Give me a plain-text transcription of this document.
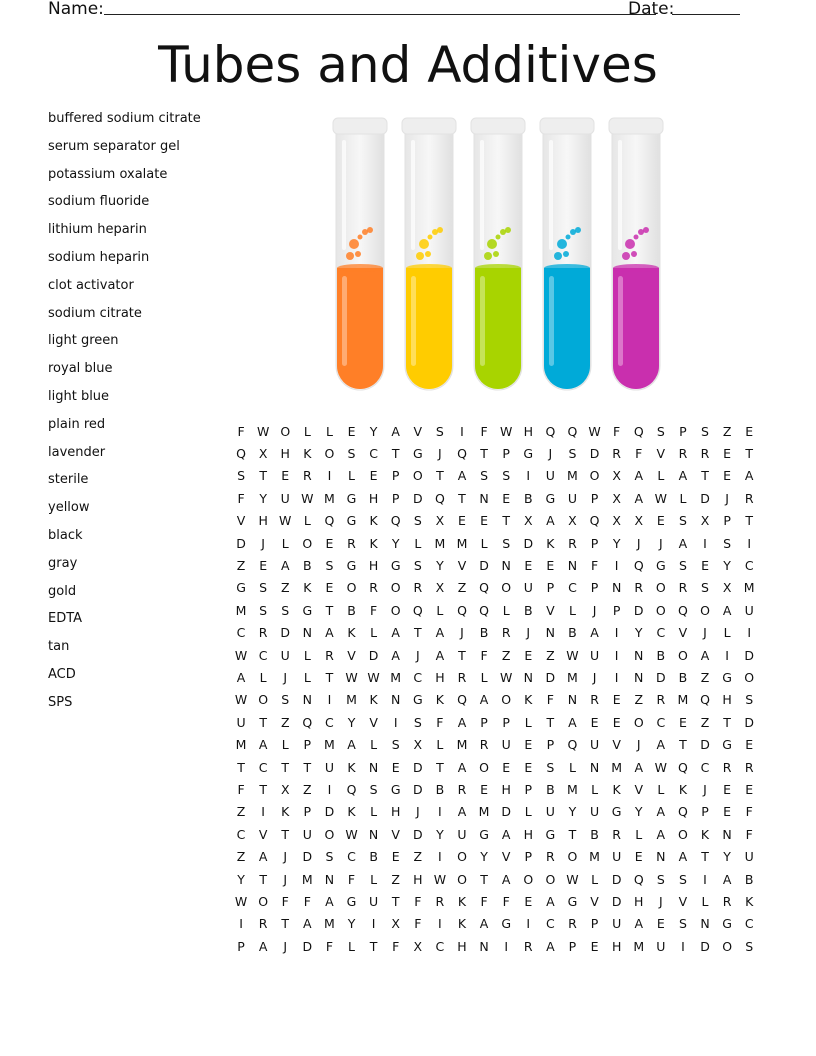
Name:	Date:
Tubes and Additives
buffered sodium citrate
serum separator gel
potassium oxalate
sodium fluoride
lithium heparin
sodium heparin
clot activator
sodium citrate
light green
royal blue
light blue
plain red
lavender
sterile
yellow
black
gray
gold
EDTA
tan
ACD
SPS
F W O	L	L	E	Y	A	V	S	I	F W H Q Q W F	Q	S	P	S	Z	E
Q	X	H	K	O	S	C	T	G	J	Q	T	P	G	J	S	D	R	F	V	R	R	E	T
S	T	E	R	I	L	E	P	O	T	A	S	S	I	U M O	X	A	L	A	T	E	A
F	Y	U W M G	H	P	D Q	T	N	E	B	G	U	P	X	A W L	D	J	R
V	H W L	Q G	K	Q	S	X	E	E	T	X	A	X	Q	X	X	E	S	X	P	T
D	J	L	O	E	R	K	Y	L	M M	L	S	D	K	R	P	Y	J	J	A	I	S	I
Z	E	A	B	S	G	H	G	S	Y	V	D	N	E	E	N	F	I	Q G	S	E	Y	C
G	S	Z	K	E	O	R	O	R	X	Z	Q O	U	P	C	P	N	R	O	R	S	X M
M	S	S	G	T	B	F	O Q	L	Q Q	L	B	V	L	J	P	D O Q O	A	U
C	R	D	N	A	K	L	A	T	A	J	B	R	J	N	B	A	I	Y	C	V	J	L	I
W C	U	L	R	V	D	A	J	A	T	F	Z	E	Z W U	I	N	B	O	A	I	D
A	L	J	L	T W W M C	H	R	L W N	D M	J	I	N	D	B	Z	G O
W O	S	N	I	M	K	N	G	K	Q	A	O	K	F	N	R	E	Z	R M Q H	S
U	T	Z	Q	C	Y	V	I	S	F	A	P	P	L	T	A	E	E	O	C	E	Z	T	D
M A	L	P	M A	L	S	X	L	M R	U	E	P	Q	U	V	J	A	T	D G	E
T	C	T	T	U	K	N	E	D	T	A	O	E	E	S	L	N M A W Q	C	R	R
F	T	X	Z	I	Q	S	G D	B	R	E	H	P	B M	L	K	V	L	K	J	E	E
Z	I	K	P	D	K	L	H	J	I	A M D	L	U	Y	U	G	Y	A	Q	P	E	F
C	V	T	U	O W N	V	D	Y	U	G	A	H	G	T	B	R	L	A	O	K	N	F
Z	A	J	D	S	C	B	E	Z	I	O	Y	V	P	R	O M U	E	N	A	T	Y	U
Y	T	J	M N	F	L	Z	H W O	T	A	O O W L	D Q	S	S	I	A	B
W O	F	F	A	G	U	T	F	R	K	F	F	E	A	G	V	D	H	J	V	L	R	K
I	R	T	A M	Y	I	X	F	I	K	A	G	I	C	R	P	U	A	E	S	N	G	C
P	A	J	D	F	L	T	F	X	C	H	N	I	R	A	P	E	H M U	I	D O	S
